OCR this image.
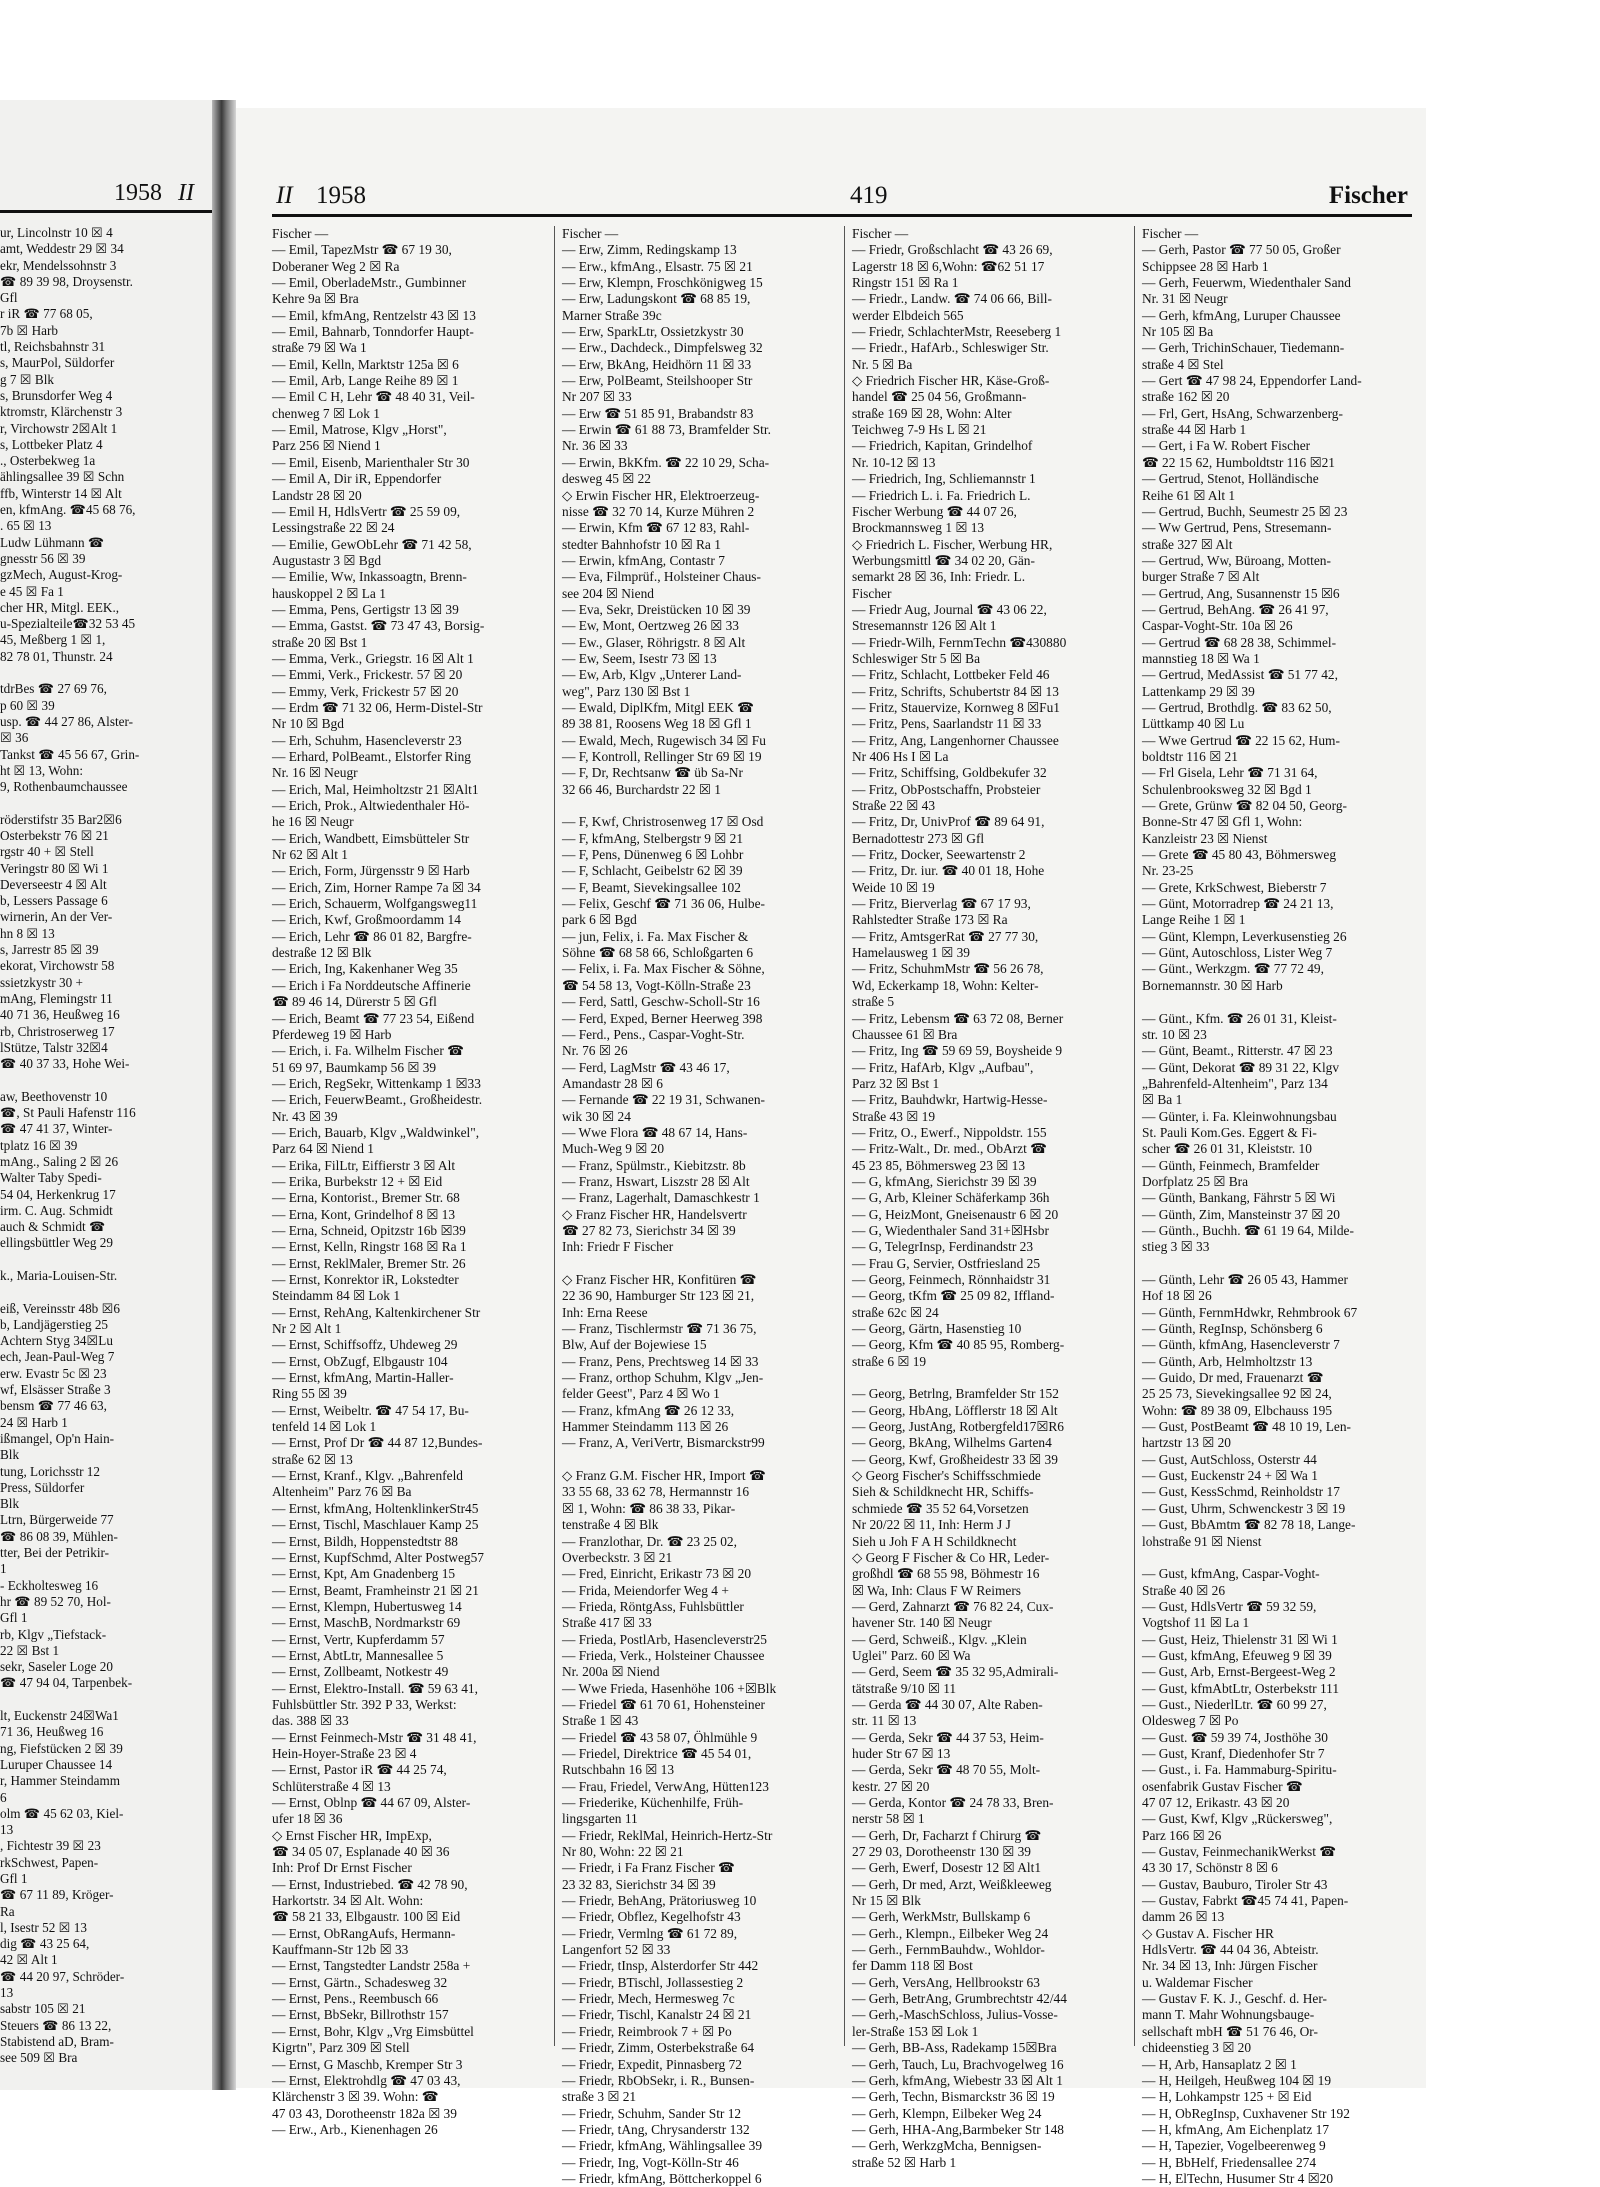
1958 II
ur, Lincolnstr 10 ☒ 4
amt, Weddestr 29 ☒ 34
ekr, Mendelssohnstr 3
☎ 89 39 98, Droysenstr.
Gfl
r iR ☎ 77 68 05,
7b ☒ Harb
tl, Reichsbahnstr 31
s, MaurPol, Süldorfer
g 7 ☒ Blk
s, Brunsdorfer Weg 4
ktromstr, Klärchenstr 3
r, Virchowstr 2☒Alt 1
s, Lottbeker Platz 4
., Osterbekweg 1a
ählingsallee 39 ☒ Schn
ffb, Winterstr 14 ☒ Alt
en, kfmAng. ☎45 68 76,
. 65 ☒ 13
Ludw Lühmann ☎
gnesstr 56 ☒ 39
gzMech, August-Krog-
e 45 ☒ Fa 1
cher HR, Mitgl. EEK.,
u-Spezialteile☎32 53 45
45, Meßberg 1 ☒ 1,
82 78 01, Thunstr. 24

tdrBes ☎ 27 69 76,
p 60 ☒ 39
usp. ☎ 44 27 86, Alster-
☒ 36
Tankst ☎ 45 56 67, Grin-
ht ☒ 13, Wohn:
9, Rothenbaumchaussee

röderstifstr 35 Bar2☒6
Osterbekstr 76 ☒ 21
rgstr 40 + ☒ Stell
Veringstr 80 ☒ Wi 1
Deverseestr 4 ☒ Alt
b, Lessers Passage 6
wirnerin, An der Ver-
hn 8 ☒ 13
s, Jarrestr 85 ☒ 39
ekorat, Virchowstr 58
ssietzkystr 30 +
mAng, Flemingstr 11
40 71 36, Heußweg 16
rb, Christroserweg 17
lStütze, Talstr 32☒4
☎ 40 37 33, Hohe Wei-

aw, Beethovenstr 10
☎, St Pauli Hafenstr 116
☎ 47 41 37, Winter-
tplatz 16 ☒ 39
mAng., Saling 2 ☒ 26
Walter Taby Spedi-
54 04, Herkenkrug 17
irm. C. Aug. Schmidt
auch & Schmidt ☎
ellingsbüttler Weg 29

k., Maria-Louisen-Str.

eiß, Vereinsstr 48b ☒6
b, Landjägerstieg 25
Achtern Styg 34☒Lu
ech, Jean-Paul-Weg 7
erw. Evastr 5c ☒ 23
wf, Elsässer Straße 3
bensm ☎ 77 46 63,
24 ☒ Harb 1
ißmangel, Op'n Hain-
Blk
tung, Lorichsstr 12
Press, Süldorfer
Blk
Ltrn, Bürgerweide 77
☎ 86 08 39, Mühlen-
tter, Bei der Petrikir-
1
- Eckholtesweg 16
hr ☎ 89 52 70, Hol-
Gfl 1
rb, Klgv „Tiefstack-
22 ☒ Bst 1
sekr, Saseler Loge 20
☎ 47 94 04, Tarpenbek-

lt, Euckenstr 24☒Wa1
71 36, Heußweg 16
ng, Fiefstücken 2 ☒ 39
Luruper Chaussee 14
r, Hammer Steindamm
6
olm ☎ 45 62 03, Kiel-
13
, Fichtestr 39 ☒ 23
rkSchwest, Papen-
Gfl 1
☎ 67 11 89, Kröger-
Ra
l, Isestr 52 ☒ 13
dig ☎ 43 25 64,
42 ☒ Alt 1
☎ 44 20 97, Schröder-
13
sabstr 105 ☒ 21
Steuers ☎ 86 13 22,
Stabistend aD, Bram-
see 509 ☒ Bra
II 1958	419	Fischer
Fischer —
— Emil, TapezMstr ☎ 67 19 30,
Doberaner Weg 2 ☒ Ra
— Emil, OberladeMstr., Gumbinner
Kehre 9a ☒ Bra
— Emil, kfmAng, Rentzelstr 43 ☒ 13
— Emil, Bahnarb, Tonndorfer Haupt-
straße 79 ☒ Wa 1
— Emil, Kelln, Marktstr 125a ☒ 6
— Emil, Arb, Lange Reihe 89 ☒ 1
— Emil C H, Lehr ☎ 48 40 31, Veil-
chenweg 7 ☒ Lok 1
— Emil, Matrose, Klgv „Horst",
Parz 256 ☒ Niend 1
— Emil, Eisenb, Marienthaler Str 30
— Emil A, Dir iR, Eppendorfer
Landstr 28 ☒ 20
— Emil H, HdlsVertr ☎ 25 59 09,
Lessingstraße 22 ☒ 24
— Emilie, GewObLehr ☎ 71 42 58,
Augustastr 3 ☒ Bgd
— Emilie, Ww, Inkassoagtn, Brenn-
hauskoppel 2 ☒ La 1
— Emma, Pens, Gertigstr 13 ☒ 39
— Emma, Gastst. ☎ 73 47 43, Borsig-
straße 20 ☒ Bst 1
— Emma, Verk., Griegstr. 16 ☒ Alt 1
— Emmi, Verk., Frickestr. 57 ☒ 20
— Emmy, Verk, Frickestr 57 ☒ 20
— Erdm ☎ 71 32 06, Herm-Distel-Str
Nr 10 ☒ Bgd
— Erh, Schuhm, Hasencleverstr 23
— Erhard, PolBeamt., Elstorfer Ring
Nr. 16 ☒ Neugr
— Erich, Mal, Heimholtzstr 21 ☒Alt1
— Erich, Prok., Altwiedenthaler Hö-
he 16 ☒ Neugr
— Erich, Wandbett, Eimsbütteler Str
Nr 62 ☒ Alt 1
— Erich, Form, Jürgensstr 9 ☒ Harb
— Erich, Zim, Horner Rampe 7a ☒ 34
— Erich, Schauerm, Wolfgangsweg11
— Erich, Kwf, Großmoordamm 14
— Erich, Lehr ☎ 86 01 82, Bargfre-
destraße 12 ☒ Blk
— Erich, Ing, Kakenhaner Weg 35
— Erich i Fa Norddeutsche Affinerie
☎ 89 46 14, Dürerstr 5 ☒ Gfl
— Erich, Beamt ☎ 77 23 54, Eißend
Pferdeweg 19 ☒ Harb
— Erich, i. Fa. Wilhelm Fischer ☎
51 69 97, Baumkamp 56 ☒ 39
— Erich, RegSekr, Wittenkamp 1 ☒33
— Erich, FeuerwBeamt., Großheidestr.
Nr. 43 ☒ 39
— Erich, Bauarb, Klgv „Waldwinkel",
Parz 64 ☒ Niend 1
— Erika, FilLtr, Eiffierstr 3 ☒ Alt
— Erika, Burbekstr 12 + ☒ Eid
— Erna, Kontorist., Bremer Str. 68
— Erna, Kont, Grindelhof 8 ☒ 13
— Erna, Schneid, Opitzstr 16b ☒39
— Ernst, Kelln, Ringstr 168 ☒ Ra 1
— Ernst, ReklMaler, Bremer Str. 26
— Ernst, Konrektor iR, Lokstedter
Steindamm 84 ☒ Lok 1
— Ernst, RehAng, Kaltenkirchener Str
Nr 2 ☒ Alt 1
— Ernst, Schiffsoffz, Uhdeweg 29
— Ernst, ObZugf, Elbgaustr 104
— Ernst, kfmAng, Martin-Haller-
Ring 55 ☒ 39
— Ernst, Weibeltr. ☎ 47 54 17, Bu-
tenfeld 14 ☒ Lok 1
— Ernst, Prof Dr ☎ 44 87 12,Bundes-
straße 62 ☒ 13
— Ernst, Kranf., Klgv. „Bahrenfeld
Altenheim" Parz 76 ☒ Ba
— Ernst, kfmAng, HoltenklinkerStr45
— Ernst, Tischl, Maschlauer Kamp 25
— Ernst, Bildh, Hoppenstedtstr 88
— Ernst, KupfSchmd, Alter Postweg57
— Ernst, Kpt, Am Gnadenberg 15
— Ernst, Beamt, Framheinstr 21 ☒ 21
— Ernst, Klempn, Hubertusweg 14
— Ernst, MaschB, Nordmarkstr 69
— Ernst, Vertr, Kupferdamm 57
— Ernst, AbtLtr, Mannesallee 5
— Ernst, Zollbeamt, Notkestr 49
— Ernst, Elektro-Install. ☎ 59 63 41,
Fuhlsbüttler Str. 392 P 33, Werkst:
das. 388 ☒ 33
— Ernst Feinmech-Mstr ☎ 31 48 41,
Hein-Hoyer-Straße 23 ☒ 4
— Ernst, Pastor iR ☎ 44 25 74,
Schlüterstraße 4 ☒ 13
— Ernst, Oblnp ☎ 44 67 09, Alster-
ufer 18 ☒ 36
◇ Ernst Fischer HR, ImpExp,
☎ 34 05 07, Esplanade 40 ☒ 36
Inh: Prof Dr Ernst Fischer
— Ernst, Industriebed. ☎ 42 78 90,
Harkortstr. 34 ☒ Alt. Wohn:
☎ 58 21 33, Elbgaustr. 100 ☒ Eid
— Ernst, ObRangAufs, Hermann-
Kauffmann-Str 12b ☒ 33
— Ernst, Tangstedter Landstr 258a +
— Ernst, Gärtn., Schadesweg 32
— Ernst, Pens., Reembusch 66
— Ernst, BbSekr, Billrothstr 157
— Ernst, Bohr, Klgv „Vrg Eimsbüttel
Kigrtn", Parz 309 ☒ Stell
— Ernst, G Maschb, Kremper Str 3
— Ernst, Elektrohdlg ☎ 47 03 43,
Klärchenstr 3 ☒ 39. Wohn: ☎
47 03 43, Dorotheenstr 182a ☒ 39
— Erw., Arb., Kienenhagen 26
Fischer —
— Erw, Zimm, Redingskamp 13
— Erw., kfmAng., Elsastr. 75 ☒ 21
— Erw, Klempn, Froschkönigweg 15
— Erw, Ladungskont ☎ 68 85 19,
Marner Straße 39c
— Erw, SparkLtr, Ossietzkystr 30
— Erw., Dachdeck., Dimpfelsweg 32
— Erw, BkAng, Heidhörn 11 ☒ 33
— Erw, PolBeamt, Steilshooper Str
Nr 207 ☒ 33
— Erw ☎ 51 85 91, Brabandstr 83
— Erwin ☎ 61 88 73, Bramfelder Str.
Nr. 36 ☒ 33
— Erwin, BkKfm. ☎ 22 10 29, Scha-
desweg 45 ☒ 22
◇ Erwin Fischer HR, Elektroerzeug-
nisse ☎ 32 70 14, Kurze Mühren 2
— Erwin, Kfm ☎ 67 12 83, Rahl-
stedter Bahnhofstr 10 ☒ Ra 1
— Erwin, kfmAng, Contastr 7
— Eva, Filmprüf., Holsteiner Chaus-
see 204 ☒ Niend
— Eva, Sekr, Dreistücken 10 ☒ 39
— Ew, Mont, Oertzweg 26 ☒ 33
— Ew., Glaser, Röhrigstr. 8 ☒ Alt
— Ew, Seem, Isestr 73 ☒ 13
— Ew, Arb, Klgv „Unterer Land-
weg", Parz 130 ☒ Bst 1
— Ewald, DiplKfm, Mitgl EEK ☎
89 38 81, Roosens Weg 18 ☒ Gfl 1
— Ewald, Mech, Rugewisch 34 ☒ Fu
— F, Kontroll, Rellinger Str 69 ☒ 19
— F, Dr, Rechtsanw ☎ üb Sa-Nr
32 66 46, Burchardstr 22 ☒ 1

— F, Kwf, Christrosenweg 17 ☒ Osd
— F, kfmAng, Stelbergstr 9 ☒ 21
— F, Pens, Dünenweg 6 ☒ Lohbr
— F, Schlacht, Geibelstr 62 ☒ 39
— F, Beamt, Sievekingsallee 102
— Felix, Geschf ☎ 71 36 06, Hulbe-
park 6 ☒ Bgd
— jun, Felix, i. Fa. Max Fischer &
Söhne ☎ 68 58 66, Schloßgarten 6
— Felix, i. Fa. Max Fischer & Söhne,
☎ 54 58 13, Vogt-Kölln-Straße 23
— Ferd, Sattl, Geschw-Scholl-Str 16
— Ferd, Exped, Berner Heerweg 398
— Ferd., Pens., Caspar-Voght-Str.
Nr. 76 ☒ 26
— Ferd, LagMstr ☎ 43 46 17,
Amandastr 28 ☒ 6
— Fernande ☎ 22 19 31, Schwanen-
wik 30 ☒ 24
— Wwe Flora ☎ 48 67 14, Hans-
Much-Weg 9 ☒ 20
— Franz, Spülmstr., Kiebitzstr. 8b
— Franz, Hswart, Liszstr 28 ☒ Alt
— Franz, Lagerhalt, Damaschkestr 1
◇ Franz Fischer HR, Handelsvertr
☎ 27 82 73, Sierichstr 34 ☒ 39
Inh: Friedr F Fischer

◇ Franz Fischer HR, Konfitüren ☎
22 36 90, Hamburger Str 123 ☒ 21,
Inh: Erna Reese
— Franz, Tischlermstr ☎ 71 36 75,
Blw, Auf der Bojewiese 15
— Franz, Pens, Prechtsweg 14 ☒ 33
— Franz, orthop Schuhm, Klgv „Jen-
felder Geest", Parz 4 ☒ Wo 1
— Franz, kfmAng ☎ 26 12 33,
Hammer Steindamm 113 ☒ 26
— Franz, A, VeriVertr, Bismarckstr99

◇ Franz G.M. Fischer HR, Import ☎
33 55 68, 33 62 78, Hermannstr 16
☒ 1, Wohn: ☎ 86 38 33, Pikar-
tenstraße 4 ☒ Blk
— Franzlothar, Dr. ☎ 23 25 02,
Overbeckstr. 3 ☒ 21
— Fred, Einricht, Erikastr 73 ☒ 20
— Frida, Meiendorfer Weg 4 +
— Frieda, RöntgAss, Fuhlsbüttler
Straße 417 ☒ 33
— Frieda, PostlArb, Hasencleverstr25
— Frieda, Verk., Holsteiner Chaussee
Nr. 200a ☒ Niend
— Wwe Frieda, Hasenhöhe 106 +☒Blk
— Friedel ☎ 61 70 61, Hohensteiner
Straße 1 ☒ 43
— Friedel ☎ 43 58 07, Öhlmühle 9
— Friedel, Direktrice ☎ 45 54 01,
Rutschbahn 16 ☒ 13
— Frau, Friedel, VerwAng, Hütten123
— Friederike, Küchenhilfe, Früh-
lingsgarten 11
— Friedr, ReklMal, Heinrich-Hertz-Str
Nr 80, Wohn: 22 ☒ 21
— Friedr, i Fa Franz Fischer ☎
23 32 83, Sierichstr 34 ☒ 39
— Friedr, BehAng, Prätoriusweg 10
— Friedr, Obflez, Kegelhofstr 43
— Friedr, Vermlng ☎ 61 72 89,
Langenfort 52 ☒ 33
— Friedr, tInsp, Alsterdorfer Str 442
— Friedr, BTischl, Jollassestieg 2
— Friedr, Mech, Hermesweg 7c
— Friedr, Tischl, Kanalstr 24 ☒ 21
— Friedr, Reimbrook 7 + ☒ Po
— Friedr, Zimm, Osterbekstraße 64
— Friedr, Expedit, Pinnasberg 72
— Friedr, RbObSekr, i. R., Bunsen-
straße 3 ☒ 21
— Friedr, Schuhm, Sander Str 12
— Friedr, tAng, Chrysanderstr 132
— Friedr, kfmAng, Wählingsallee 39
— Friedr, Ing, Vogt-Kölln-Str 46
— Friedr, kfmAng, Böttcherkoppel 6
Fischer —
— Friedr, Großschlacht ☎ 43 26 69,
Lagerstr 18 ☒ 6,Wohn: ☎62 51 17
Ringstr 151 ☒ Ra 1
— Friedr., Landw. ☎ 74 06 66, Bill-
werder Elbdeich 565
— Friedr, SchlachterMstr, Reeseberg 1
— Friedr., HafArb., Schleswiger Str.
Nr. 5 ☒ Ba
◇ Friedrich Fischer HR, Käse-Groß-
handel ☎ 25 04 56, Großmann-
straße 169 ☒ 28, Wohn: Alter
Teichweg 7-9 Hs L ☒ 21
— Friedrich, Kapitan, Grindelhof
Nr. 10-12 ☒ 13
— Friedrich, Ing, Schliemannstr 1
— Friedrich L. i. Fa. Friedrich L.
Fischer Werbung ☎ 44 07 26,
Brockmannsweg 1 ☒ 13
◇ Friedrich L. Fischer, Werbung HR,
Werbungsmittl ☎ 34 02 20, Gän-
semarkt 28 ☒ 36, Inh: Friedr. L.
Fischer
— Friedr Aug, Journal ☎ 43 06 22,
Stresemannstr 126 ☒ Alt 1
— Friedr-Wilh, FernmTechn ☎430880
Schleswiger Str 5 ☒ Ba
— Fritz, Schlacht, Lottbeker Feld 46
— Fritz, Schrifts, Schubertstr 84 ☒ 13
— Fritz, Stauervize, Kornweg 8 ☒Fu1
— Fritz, Pens, Saarlandstr 11 ☒ 33
— Fritz, Ang, Langenhorner Chaussee
Nr 406 Hs I ☒ La
— Fritz, Schiffsing, Goldbekufer 32
— Fritz, ObPostschaffn, Probsteier
Straße 22 ☒ 43
— Fritz, Dr, UnivProf ☎ 89 64 91,
Bernadottestr 273 ☒ Gfl
— Fritz, Docker, Seewartenstr 2
— Fritz, Dr. iur. ☎ 40 01 18, Hohe
Weide 10 ☒ 19
— Fritz, Bierverlag ☎ 67 17 93,
Rahlstedter Straße 173 ☒ Ra
— Fritz, AmtsgerRat ☎ 27 77 30,
Hamelausweg 1 ☒ 39
— Fritz, SchuhmMstr ☎ 56 26 78,
Wd, Eckerkamp 18, Wohn: Kelter-
straße 5
— Fritz, Lebensm ☎ 63 72 08, Berner
Chaussee 61 ☒ Bra
— Fritz, Ing ☎ 59 69 59, Boysheide 9
— Fritz, HafArb, Klgv „Aufbau",
Parz 32 ☒ Bst 1
— Fritz, Bauhdwkr, Hartwig-Hesse-
Straße 43 ☒ 19
— Fritz, O., Ewerf., Nippoldstr. 155
— Fritz-Walt., Dr. med., ObArzt ☎
45 23 85, Böhmersweg 23 ☒ 13
— G, kfmAng, Sierichstr 39 ☒ 39
— G, Arb, Kleiner Schäferkamp 36h
— G, HeizMont, Gneisenaustr 6 ☒ 20
— G, Wiedenthaler Sand 31+☒Hsbr
— G, TelegrInsp, Ferdinandstr 23
— Frau G, Servier, Ostfriesland 25
— Georg, Feinmech, Rönnhaidstr 31
— Georg, tKfm ☎ 25 09 82, Iffland-
straße 62c ☒ 24
— Georg, Gärtn, Hasenstieg 10
— Georg, Kfm ☎ 40 85 95, Romberg-
straße 6 ☒ 19

— Georg, Betrlng, Bramfelder Str 152
— Georg, HbAng, Löfflerstr 18 ☒ Alt
— Georg, JustAng, Rotbergfeld17☒R6
— Georg, BkAng, Wilhelms Garten4
— Georg, Kwf, Großheidestr 33 ☒ 39
◇ Georg Fischer's Schiffsschmiede
Sieh & Schildknecht HR, Schiffs-
schmiede ☎ 35 52 64,Vorsetzen
Nr 20/22 ☒ 11, Inh: Herm J J
Sieh u Joh F A H Schildknecht
◇ Georg F Fischer & Co HR, Leder-
großhdl ☎ 68 55 98, Böhmestr 16
☒ Wa, Inh: Claus F W Reimers
— Gerd, Zahnarzt ☎ 76 82 24, Cux-
havener Str. 140 ☒ Neugr
— Gerd, Schweiß., Klgv. „Klein
Uglei" Parz. 60 ☒ Wa
— Gerd, Seem ☎ 35 32 95,Admirali-
tätstraße 9/10 ☒ 11
— Gerda ☎ 44 30 07, Alte Raben-
str. 11 ☒ 13
— Gerda, Sekr ☎ 44 37 53, Heim-
huder Str 67 ☒ 13
— Gerda, Sekr ☎ 48 70 55, Molt-
kestr. 27 ☒ 20
— Gerda, Kontor ☎ 24 78 33, Bren-
nerstr 58 ☒ 1
— Gerh, Dr, Facharzt f Chirurg ☎
27 29 03, Dorotheenstr 130 ☒ 39
— Gerh, Ewerf, Dosestr 12 ☒ Alt1
— Gerh, Dr med, Arzt, Weißkleeweg
Nr 15 ☒ Blk
— Gerh, WerkMstr, Bullskamp 6
— Gerh., Klempn., Eilbeker Weg 24
— Gerh., FernmBauhdw., Wohldor-
fer Damm 118 ☒ Bost
— Gerh, VersAng, Hellbrookstr 63
— Gerh, BetrAng, Grumbrechtstr 42/44
— Gerh,-MaschSchloss, Julius-Vosse-
ler-Straße 153 ☒ Lok 1
— Gerh, BB-Ass, Radekamp 15☒Bra
— Gerh, Tauch, Lu, Brachvogelweg 16
— Gerh, kfmAng, Wiebestr 33 ☒ Alt 1
— Gerh, Techn, Bismarckstr 36 ☒ 19
— Gerh, Klempn, Eilbeker Weg 24
— Gerh, HHA-Ang,Barmbeker Str 148
— Gerh, WerkzgMcha, Bennigsen-
straße 52 ☒ Harb 1
Fischer —
— Gerh, Pastor ☎ 77 50 05, Großer
Schippsee 28 ☒ Harb 1
— Gerh, Feuerwm, Wiedenthaler Sand
Nr. 31 ☒ Neugr
— Gerh, kfmAng, Luruper Chaussee
Nr 105 ☒ Ba
— Gerh, TrichinSchauer, Tiedemann-
straße 4 ☒ Stel
— Gert ☎ 47 98 24, Eppendorfer Land-
straße 162 ☒ 20
— Frl, Gert, HsAng, Schwarzenberg-
straße 44 ☒ Harb 1
— Gert, i Fa W. Robert Fischer
☎ 22 15 62, Humboldtstr 116 ☒21
— Gertrud, Stenot, Holländische
Reihe 61 ☒ Alt 1
— Gertrud, Buchh, Seumestr 25 ☒ 23
— Ww Gertrud, Pens, Stresemann-
straße 327 ☒ Alt
— Gertrud, Ww, Büroang, Motten-
burger Straße 7 ☒ Alt
— Gertrud, Ang, Susannenstr 15 ☒6
— Gertrud, BehAng. ☎ 26 41 97,
Caspar-Voght-Str. 10a ☒ 26
— Gertrud ☎ 68 28 38, Schimmel-
mannstieg 18 ☒ Wa 1
— Gertrud, MedAssist ☎ 51 77 42,
Lattenkamp 29 ☒ 39
— Gertrud, Brothdlg. ☎ 83 62 50,
Lüttkamp 40 ☒ Lu
— Wwe Gertrud ☎ 22 15 62, Hum-
boldtstr 116 ☒ 21
— Frl Gisela, Lehr ☎ 71 31 64,
Schulenbrooksweg 32 ☒ Bgd 1
— Grete, Grünw ☎ 82 04 50, Georg-
Bonne-Str 47 ☒ Gfl 1, Wohn:
Kanzleistr 23 ☒ Nienst
— Grete ☎ 45 80 43, Böhmersweg
Nr. 23-25
— Grete, KrkSchwest, Bieberstr 7
— Günt, Motorradrep ☎ 24 21 13,
Lange Reihe 1 ☒ 1
— Günt, Klempn, Leverkusenstieg 26
— Günt, Autoschloss, Lister Weg 7
— Günt., Werkzgm. ☎ 77 72 49,
Bornemannstr. 30 ☒ Harb

— Günt., Kfm. ☎ 26 01 31, Kleist-
str. 10 ☒ 23
— Günt, Beamt., Ritterstr. 47 ☒ 23
— Günt, Dekorat ☎ 89 31 22, Klgv
„Bahrenfeld-Altenheim", Parz 134
☒ Ba 1
— Günter, i. Fa. Kleinwohnungsbau
St. Pauli Kom.Ges. Eggert & Fi-
scher ☎ 26 01 31, Kleiststr. 10
— Günth, Feinmech, Bramfelder
Dorfplatz 25 ☒ Bra
— Günth, Bankang, Fährstr 5 ☒ Wi
— Günth, Zim, Mansteinstr 37 ☒ 20
— Günth., Buchh. ☎ 61 19 64, Milde-
stieg 3 ☒ 33

— Günth, Lehr ☎ 26 05 43, Hammer
Hof 18 ☒ 26
— Günth, FernmHdwkr, Rehmbrook 67
— Günth, RegInsp, Schönsberg 6
— Günth, kfmAng, Hasencleverstr 7
— Günth, Arb, Helmholtzstr 13
— Guido, Dr med, Frauenarzt ☎
25 25 73, Sievekingsallee 92 ☒ 24,
Wohn: ☎ 89 38 09, Elbchauss 195
— Gust, PostBeamt ☎ 48 10 19, Len-
hartzstr 13 ☒ 20
— Gust, AutSchloss, Osterstr 44
— Gust, Euckenstr 24 + ☒ Wa 1
— Gust, KessSchmd, Reinholdstr 17
— Gust, Uhrm, Schwenckestr 3 ☒ 19
— Gust, BbAmtm ☎ 82 78 18, Lange-
lohstraße 91 ☒ Nienst

— Gust, kfmAng, Caspar-Voght-
Straße 40 ☒ 26
— Gust, HdlsVertr ☎ 59 32 59,
Vogtshof 11 ☒ La 1
— Gust, Heiz, Thielenstr 31 ☒ Wi 1
— Gust, kfmAng, Efeuweg 9 ☒ 39
— Gust, Arb, Ernst-Bergeest-Weg 2
— Gust, kfmAbtLtr, Osterbekstr 111
— Gust., NiederlLtr. ☎ 60 99 27,
Oldesweg 7 ☒ Po
— Gust. ☎ 59 39 74, Josthöhe 30
— Gust, Kranf, Diedenhofer Str 7
— Gust., i. Fa. Hammaburg-Spiritu-
osenfabrik Gustav Fischer ☎
47 07 12, Erikastr. 43 ☒ 20
— Gust, Kwf, Klgv „Rückersweg",
Parz 166 ☒ 26
— Gustav, FeinmechanikWerkst ☎
43 30 17, Schönstr 8 ☒ 6
— Gustav, Bauburo, Tiroler Str 43
— Gustav, Fabrkt ☎45 74 41, Papen-
damm 26 ☒ 13
◇ Gustav A. Fischer HR
HdlsVertr. ☎ 44 04 36, Abteistr.
Nr. 34 ☒ 13, Inh: Jürgen Fischer
u. Waldemar Fischer
— Gustav F. K. J., Geschf. d. Her-
mann T. Mahr Wohnungsbauge-
sellschaft mbH ☎ 51 76 46, Or-
chideenstieg 3 ☒ 20
— H, Arb, Hansaplatz 2 ☒ 1
— H, Heilgeh, Heußweg 104 ☒ 19
— H, Lohkampstr 125 + ☒ Eid
— H, ObRegInsp, Cuxhavener Str 192
— H, kfmAng, Am Eichenplatz 17
— H, Tapezier, Vogelbeerenweg 9
— H, BbHelf, Friedensallee 274
— H, ElTechn, Husumer Str 4 ☒20
